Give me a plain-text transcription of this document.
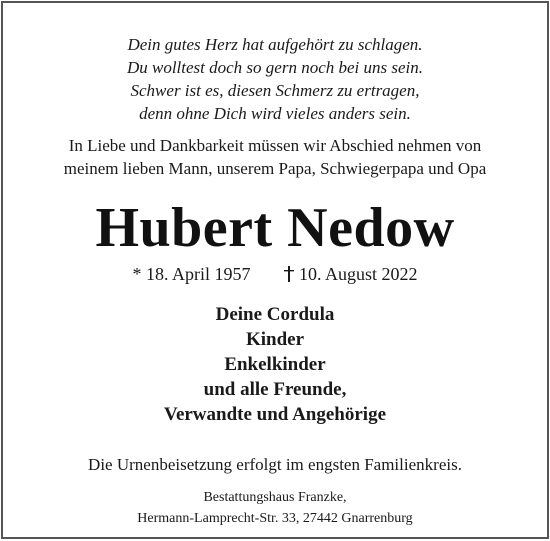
Dein gutes Herz hat aufgehört zu schlagen.
Du wolltest doch so gern noch bei uns sein.
Schwer ist es, diesen Schmerz zu ertragen,
denn ohne Dich wird vieles anders sein.
In Liebe und Dankbarkeit müssen wir Abschied nehmen von
meinem lieben Mann, unserem Papa, Schwiegerpapa und Opa
Hubert Nedow
* 18. April 1957	10. August 2022
Deine Cordula
Kinder
Enkelkinder
und alle Freunde,
Verwandte und Angehörige
Die Urnenbeisetzung erfolgt im engsten Familienkreis.
Bestattungshaus Franzke,
Hermann-Lamprecht-Str. 33, 27442 Gnarrenburg
